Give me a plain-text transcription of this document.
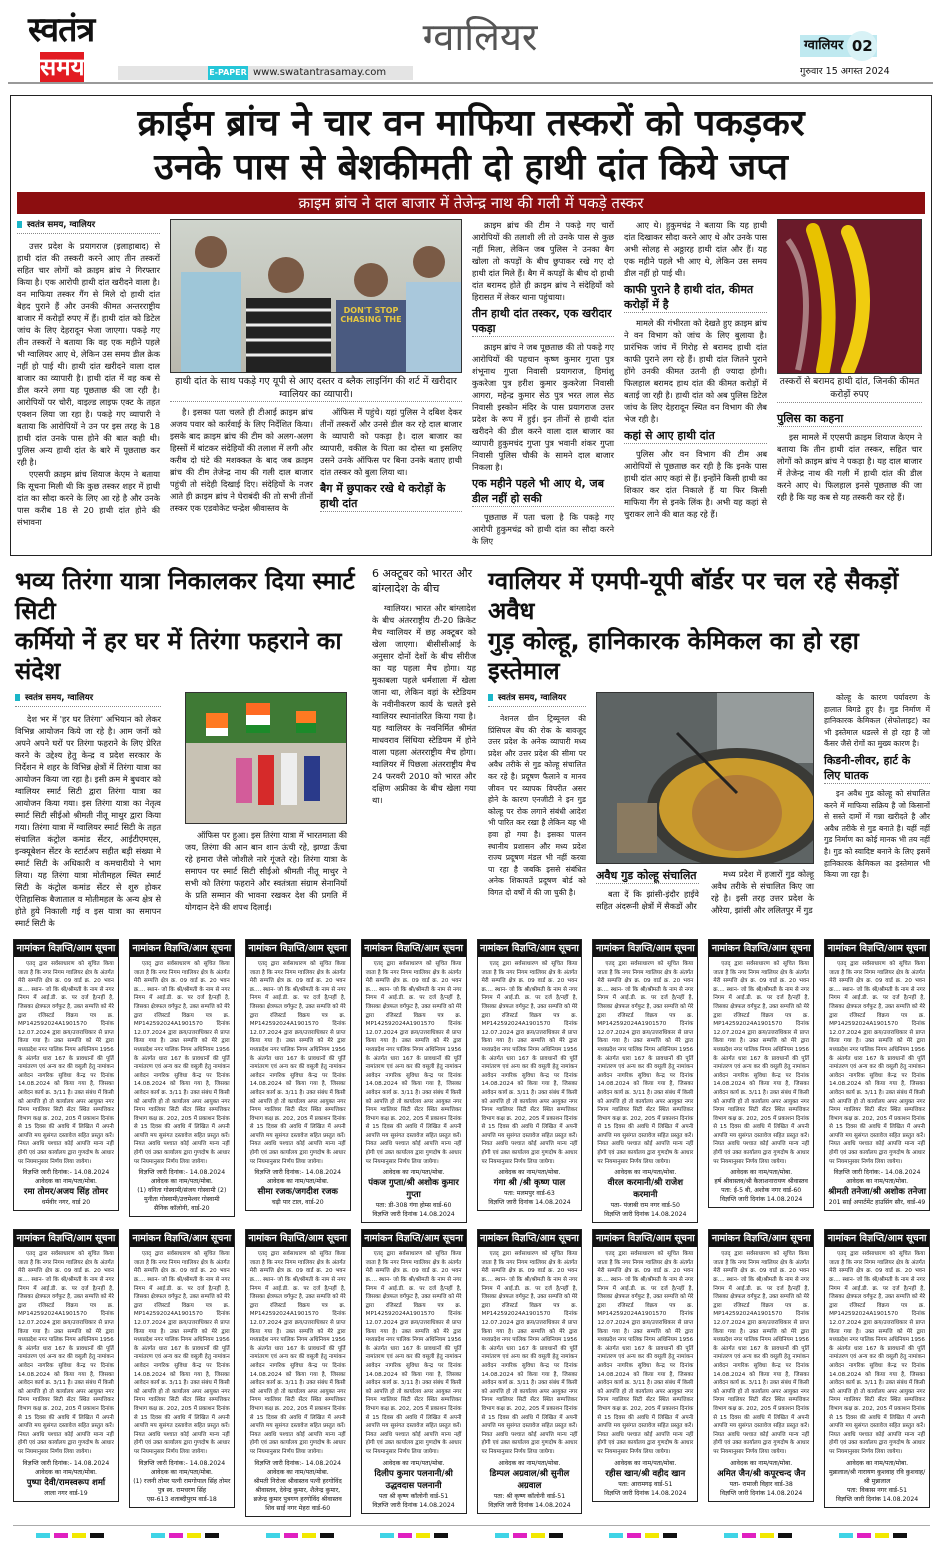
स्वतंत्र
समय
ग्वालियर
E-PAPER www.swatantrasamay.com
ग्वालियर 02
गुरुवार 15 अगस्त 2024
क्राईम ब्रांच ने चार वन माफिया तस्करों को पकड़कर
उनके पास से बेशकीमती दो हाथी दांत किये जप्त
क्राइम ब्रांच ने दाल बाजार में तेजेन्द्र नाथ की गली में पकड़े तस्कर
स्वतंत्र समय, ग्वालियर

उत्तर प्रदेश के प्रयागराज (इलाहाबाद) से हाथी दांत की तस्करी करने आए तीन तस्करों सहित चार लोगों को क्राइम ब्रांच ने गिरफ्तार किया है। एक आरोपी हाथी दांत खरीदने वाला है। वन माफिया तस्कर गैंग से मिले दो हाथी दांत बेहद पुराने हैं और उनकी कीमत अन्तरराष्ट्रीय बाजार में करोड़ों रुपए में हैं। हाथी दांत को डिटेल जांच के लिए देहरादून भेजा जाएगा। पकड़े गए तीन तस्करों ने बताया कि वह एक महीने पहले भी ग्वालियर आए थे, लेकिन उस समय डील क्रेक नहीं हो पाई थी। हाथी दांत खरीदने वाला दाल बाजार का व्यापारी है। हाथी दांत में वह कब से डील करने लगा यह पूछताछ की जा रही है। आरोपियों पर चोरी, वाइल्ड लाइफ एक्ट के तहत एक्शन लिया जा रहा है। पकड़े गए व्यापारी ने बताया कि आरोपियों ने उन पर इस तरह के 18 हाथी दांत उनके पास होने की बात कही थी। पुलिस अन्य हाथी दांत के बारे में पूछताछ कर रही है।

एएसपी क्राइम ब्रांच शियाज केएम ने बताया कि सूचना मिली थी कि कुछ तस्कर शहर में हाथी दांत का सौदा करने के लिए आ रहे है और उनके पास करीब 18 से 20 हाथी दांत होने की संभावना

DON'T STOP CHASING THE
हाथी दांत के साथ पकड़े गए यूपी से आए दस्तर व ब्लैक लाइनिंग की शर्ट में खरीदार ग्वालियर का व्यापारी।

है। इसका पता चलते ही टीआई क्राइम ब्रांच अजय पवार को कार्रवाई के लिए निर्देशित किया। इसके बाद क्राइम ब्रांच की टीम को अलग-अलग हिस्सों में बांटकर संदेहियों की तलाश में लगी और करीब दो घंटे की मशक्कत के बाद जब क्राइम ब्रांच की टीम तेजेन्द्र नाथ की गली दाल बाजार पहुंची तो संदेही दिखाई दिए। संदेहियों के नजर आते ही क्राइम ब्रांच ने घेराबंदी की तो सभी तीनों तस्कर एक एडवोकेट चन्द्रेश श्रीवास्तव के

ऑफिस में पहुंचे। यहां पुलिस ने दबिश देकर तीनों तस्करों और उनसे डील कर रहे दाल बाजार के व्यापारी को पकड़ा है। दाल बाजार का व्यापारी, वकील के पिता का दोस्त था इसलिए उसने उनके ऑफिस पर बिना उनके बताए हाथी दांत तस्कर को बुला लिया था।

बैग में छुपाकर रखे थे करोड़ों के हाथी दांत

क्राइम ब्रांच की टीम ने पकड़े गए चारों आरोपियों की तलाशी ली तो उनके पास से कुछ नहीं मिला, लेकिन जब पुलिस ने उनका बैग खोला तो कपड़ों के बीच छुपाकर रखे गए दो हाथी दांत मिले हैं। बैग में कपड़ों के बीच दो हाथी दांत बरामद होते ही क्राइम ब्रांच ने संदेहियों को हिरासत में लेकर थाना पहुंचाया।

तीन हाथी दांत तस्कर, एक खरीदार पकड़ा

क्राइम ब्रांच ने जब पूछताछ की तो पकड़े गए आरोपियों की पहचान कृष्ण कुमार गुप्ता पुत्र शंभूनाथ गुप्ता निवासी प्रयागराज, हिमांशु कुकरेजा पुत्र हरीश कुमार कुकरेजा निवासी आगरा, महेन्द्र कुमार सेठ पुत्र भरत लाल सेठ निवासी इस्कोन मंदिर के पास प्रयागराज उत्तर प्रदेश के रूप में हुई। इन तीनों से हाथी दांत खरीदने की डील करने वाला दाल बाजार का व्यापारी हुकुमचंद गुप्ता पुत्र भवानी शंकर गुप्ता निवासी पुलिस चौकी के सामने दाल बाजार निकला है।

एक महीने पहले भी आए थे, जब डील नहीं हो सकी

पूछताछ में पता चला है कि पकड़े गए आरोपी हुकुमचंद्र को हाथी दांत का सौदा करने के लिए

आए थे। हुकुमचंद्र ने बताया कि यह हाथी दांत दिखाकर सौदा करने आए थे और उनके पास अभी सोलह से अठ्ठारह हाथी दांत और हैं। यह एक महीने पहले भी आए थे, लेकिन उस समय डील नहीं हो पाई थी।

काफी पुराने है हाथी दांत, कीमत करोड़ों में है

मामले की गंभीरता को देखते हुए क्राइम ब्रांच ने वन विभाग को जांच के लिए बुलाया है। प्रारंभिक जांच में गिरोह से बरामद हाथी दांत काफी पुराने लग रहे हैं। हाथी दांत जितने पुराने होंगे उनकी कीमत उतनी ही ज्यादा होगी। फिलहाल बरामद हाथ दांत की कीमत करोड़ों में बताई जा रही है। हाथी दांत को अब पुलिस डिटेल जांच के लिए देहरादून स्थित वन विभाग की लैब भेज रही है।

कहां से आए हाथी दांत

पुलिस और वन विभाग की टीम अब आरोपियों से पूछताछ कर रही है कि इनके पास हाथी दांत आए कहां से हैं। इन्होंने किसी हाथी का शिकार कर दांत निकाले हैं या फिर किसी माफिया गैंग से इनके लिंक है। अभी यह कहां से चुराकर लाने की बात कह रहे हैं।

तस्करों से बरामद हाथी दांत, जिनकी कीमत करोड़ों रुपए
पुलिस का कहना

इस मामले में एएसपी क्राइम शियाज केएम ने बताया कि तीन हाथी दांत तस्कर, सहित चार लोगों को क्राइम ब्रांच ने पकड़ा है। यह दाल बाजार में तेजेन्द्र नाथ की गली में हाथी दांत की डील करने आए थे। फिलहाल इनसे पूछताछ की जा रही है कि यह कब से यह तस्करी कर रहे हैं।

भव्य तिरंगा यात्रा निकालकर दिया स्मार्ट सिटी
कर्मियो नें हर घर में तिरंगा फहराने का संदेश
स्वतंत्र समय, ग्वालियर

देश भर में 'हर घर तिरंगा' अभियान को लेकर विभिन्न आयोजन किये जा रहे है। आम जनों को अपने अपने घरों पर तिरंगा फहराने के लिए प्रेरित करने के उद्देश्य हेतु केन्द्र व प्रदेश सरकार के निर्देशन मे शहर के विभिन्न क्षेत्रों में तिरंगा यात्रा का आयोजन किया जा रहा है। इसी क्रम मे बुधवार को ग्वालियर स्मार्ट सिटी द्वारा तिरंगा यात्रा का आयोजन किया गया। इस तिरंगा यात्रा का नेतृत्व स्मार्ट सिटी सीईओ श्रीमती नीतू माथुर द्वारा किया गया। तिरंगा यात्रा में ग्वालियर स्मार्ट सिटी के तहत संचालित कंट्रोल कमांड सेंटर, आईटीएमएस, इन्क्यूबेशन सेंटर के स्टार्टअप सहीत बड़ी संख्या मे स्मार्ट सिटी के अधिकारी व कमचारीयो ने भाग लिया। यह तिरंगा यात्रा मोतीमहल स्थित स्मार्ट सिटी के कंट्रोल कमांड सेंटर से शुरु होकर ऐतिहासिक बैजाताल व मोतीमहल के अन्य क्षेत्र से होते हुये निकाली गई व इस यात्रा का समापन स्मार्ट सिटी के

ऑफिस पर हुआ। इस तिरंगा यात्रा में भारतमाता की जय, तिरंगा की आन बान शान ऊंची रहे, झण्डा ऊँचा रहे हमारा जैसे जोशीले नारे गूंजते रहे। तिरंगा यात्रा के समापन पर स्मार्ट सिटी सीईओ श्रीमती नीतू माथुर ने सभी को तिरंगा फहराने और स्वतंत्रता संग्राम सेनानियों के प्रति सम्मान की भावना रखकर देश की प्रगति में योगदान देने की शपथ दिलाई।

6 अक्टूबर को भारत और बांग्लादेश के बीच

ग्वालियर। भारत और बांग्लादेश के बीच अंतरराष्ट्रीय टी-20 क्रिकेट मैच ग्वालियर में छह अक्टूबर को खेला जाएगा। बीसीसीआई के अनुसार दोनों देशों के बीच सीरीज का यह पहला मैच होगा। यह मुकाबला पहले धर्मशाला में खेला जाना था, लेकिन वहां के स्टेडियम के नवीनीकरण कार्य के चलते इसे ग्वालियर स्थानांतरित किया गया है। यह ग्वालियर के नवनिर्मित श्रीमंत माधवराव सिंधिया स्टेडियम में होने वाला पहला अंतरराष्ट्रीय मैच होगा। ग्वालियर में पिछला अंतरराष्ट्रीय मैच 24 फरवरी 2010 को भारत और दक्षिण अफ्रीका के बीच खेला गया था।

ग्वालियर में एमपी-यूपी बॉर्डर पर चल रहे सैकड़ों अवैध
गुड़ कोल्हू, हानिकारक केमिकल का हो रहा इस्तेमाल
स्वतंत्र समय, ग्वालियर

नेशनल ग्रीन ट्रिब्यूनल की प्रिंसिपल बेंच की रोक के बावजूद उत्तर प्रदेश के अनेक व्यापारी मध्य प्रदेश और उत्तर प्रदेश की सीमा पर अवैध तरीके से गुड कोल्हू संचालित कर रहे है। प्रदूषण फैलाने व मानव जीवन पर व्यापक विपरीत असर होने के कारण एनजीटी ने इन गुड कोल्हू पर रोक लगाने संबंधी आदेश भी पारित कर रखा है लेकिन यह भी हवा हो गया है। इसका पालन स्थानीय प्रशासन और मध्य प्रदेश राज्य प्रदूषण मंडल भी नहीं करवा पा रहा है जबकि इससे संबंधित अनेक शिकायतें प्रदूषण बोर्ड को विगत दो वर्षों में की जा चुकी है।

अवैध गुड कोल्हू संचालित

बता दें कि झांसी-इंदौर हाईवे सहित अंदरूनी क्षेत्रों में सैकडों और

मध्य प्रदेश में हजारों गुड कोल्हू अवैध तरीके से संचालित किए जा रहे है। इसी तरह उत्तर प्रदेश के औरेया, झांसी और ललितपुर में गुड

कोल्हू के कारण पर्यावरण के हालात बिगडे हुए है। गुड निर्माण में हानिकारक केमिकल (सेफोलाइट) का भी इस्तेमाल धडल्ले से हो रहा है जो कैंसर जैसे रोगों का मुख्य कारण है।

किडनी-लीवर, हार्ट के लिए घातक

इन अवैध गुड कोल्हू को संचालित करने में माफिया सक्रिय है जो किसानों से सस्ते दामों में गन्ना खरीदते है और अवैध तरीके से गुड बनाते है। यहीं नहीं गुड निर्माण का कोई मानक भी तय नहीं है। गुड को स्वादिष्ट बनाने के लिए इसमें हानिकारक केमिकल का इस्तेमाल भी किया जा रहा है।

नामांकन विज्ञप्ति/आम सूचना

एतद् द्वारा सर्वसाधारण को सूचित किया जाता है कि नगर निगम ग्वालियर क्षेत्र के अंतर्गत मेरी सम्पत्ति क्षेत्र क्र. 09 वार्ड क्र. 20 भवन क्र.... स्थान- जो कि श्री/श्रीमती के नाम से नगर निगम में आई.डी. क्र. पर दर्ज है/नहीं है, जिसका क्षेत्रफल वर्गफुट है, उक्त सम्पत्ति को मेरे द्वारा रजिस्टर्ड विक्रय पत्र क्र. MP142592024A1901570 दिनांक 12.07.2024 द्वारा क्रय/उत्तराधिकार से प्राप्त किया गया है। उक्त सम्पत्ति को मेरे द्वारा मध्यप्रदेश नगर पालिक निगम अधिनियम 1956 के अंतर्गत धारा 167 के प्रावधानों की पूर्ति नामांतरण एवं अन्य कर की वसूली हेतु नामांकन आवेदन नागरिक सुविधा केन्द्र पर दिनांक 14.08.2024 को किया गया है, जिसका आवेदन कार्य क्र. 3/11 है। उक्त संबंध में किसी को आपत्ति हो तो कार्यालय अपर आयुक्त नगर निगम ग्वालियर सिटी सेंटर स्थित सम्पत्तिकर विभाग कक्ष क्र. 202, 205 में प्रकाशन दिनांक से 15 दिवस की अवधि में लिखित में अपनी आपत्ति मय सुसंगत दस्तावेज सहित प्रस्तुत करें। नियत अवधि पश्चात कोई आपत्ति मान्य नहीं होगी एवं उक्त कार्यालय द्वारा गुणदोष के आधार पर नियमानुसार निर्णय लिया जायेगा।

विज्ञप्ति जारी दिनांक:- 14.08.2024
आवेदक का नाम/पता/मोबा.
रमा तोमर/अजय सिंह तोमर
धर्मवीर नगर, वार्ड 20
नामांकन विज्ञप्ति/आम सूचना

एतद् द्वारा सर्वसाधारण को सूचित किया जाता है कि नगर निगम ग्वालियर क्षेत्र के अंतर्गत मेरी सम्पत्ति क्षेत्र क्र. 09 वार्ड क्र. 20 भवन क्र.... स्थान- जो कि श्री/श्रीमती के नाम से नगर निगम में आई.डी. क्र. पर दर्ज है/नहीं है, जिसका क्षेत्रफल वर्गफुट है, उक्त सम्पत्ति को मेरे द्वारा रजिस्टर्ड विक्रय पत्र क्र. MP142592024A1901570 दिनांक 12.07.2024 द्वारा क्रय/उत्तराधिकार से प्राप्त किया गया है। उक्त सम्पत्ति को मेरे द्वारा मध्यप्रदेश नगर पालिक निगम अधिनियम 1956 के अंतर्गत धारा 167 के प्रावधानों की पूर्ति नामांतरण एवं अन्य कर की वसूली हेतु नामांकन आवेदन नागरिक सुविधा केन्द्र पर दिनांक 14.08.2024 को किया गया है, जिसका आवेदन कार्य क्र. 3/11 है। उक्त संबंध में किसी को आपत्ति हो तो कार्यालय अपर आयुक्त नगर निगम ग्वालियर सिटी सेंटर स्थित सम्पत्तिकर विभाग कक्ष क्र. 202, 205 में प्रकाशन दिनांक से 15 दिवस की अवधि में लिखित में अपनी आपत्ति मय सुसंगत दस्तावेज सहित प्रस्तुत करें। नियत अवधि पश्चात कोई आपत्ति मान्य नहीं होगी एवं उक्त कार्यालय द्वारा गुणदोष के आधार पर नियमानुसार निर्णय लिया जायेगा।

विज्ञप्ति जारी दिनांक:- 14.08.2024
आवेदक का नाम/पता/मोबा.
(1) वनिता गोस्वामी/संजय गोस्वामी (2) मुनीता गोस्वामी/उत्तमेश्वर गोस्वामी
सैनिक कॉलोनी, वार्ड-20
नामांकन विज्ञप्ति/आम सूचना

एतद् द्वारा सर्वसाधारण को सूचित किया जाता है कि नगर निगम ग्वालियर क्षेत्र के अंतर्गत मेरी सम्पत्ति क्षेत्र क्र. 09 वार्ड क्र. 20 भवन क्र.... स्थान- जो कि श्री/श्रीमती के नाम से नगर निगम में आई.डी. क्र. पर दर्ज है/नहीं है, जिसका क्षेत्रफल वर्गफुट है, उक्त सम्पत्ति को मेरे द्वारा रजिस्टर्ड विक्रय पत्र क्र. MP142592024A1901570 दिनांक 12.07.2024 द्वारा क्रय/उत्तराधिकार से प्राप्त किया गया है। उक्त सम्पत्ति को मेरे द्वारा मध्यप्रदेश नगर पालिक निगम अधिनियम 1956 के अंतर्गत धारा 167 के प्रावधानों की पूर्ति नामांतरण एवं अन्य कर की वसूली हेतु नामांकन आवेदन नागरिक सुविधा केन्द्र पर दिनांक 14.08.2024 को किया गया है, जिसका आवेदन कार्य क्र. 3/11 है। उक्त संबंध में किसी को आपत्ति हो तो कार्यालय अपर आयुक्त नगर निगम ग्वालियर सिटी सेंटर स्थित सम्पत्तिकर विभाग कक्ष क्र. 202, 205 में प्रकाशन दिनांक से 15 दिवस की अवधि में लिखित में अपनी आपत्ति मय सुसंगत दस्तावेज सहित प्रस्तुत करें। नियत अवधि पश्चात कोई आपत्ति मान्य नहीं होगी एवं उक्त कार्यालय द्वारा गुणदोष के आधार पर नियमानुसार निर्णय लिया जायेगा।

विज्ञप्ति जारी दिनांक:- 14.08.2024
आवेदक का नाम/पता/मोबा.
सीमा रजक/जगदीश रजक
चढ़ी पार टाल, वार्ड-20
नामांकन विज्ञप्ति/आम सूचना

एतद् द्वारा सर्वसाधारण को सूचित किया जाता है कि नगर निगम ग्वालियर क्षेत्र के अंतर्गत मेरी सम्पत्ति क्षेत्र क्र. 09 वार्ड क्र. 20 भवन क्र.... स्थान- जो कि श्री/श्रीमती के नाम से नगर निगम में आई.डी. क्र. पर दर्ज है/नहीं है, जिसका क्षेत्रफल वर्गफुट है, उक्त सम्पत्ति को मेरे द्वारा रजिस्टर्ड विक्रय पत्र क्र. MP142592024A1901570 दिनांक 12.07.2024 द्वारा क्रय/उत्तराधिकार से प्राप्त किया गया है। उक्त सम्पत्ति को मेरे द्वारा मध्यप्रदेश नगर पालिक निगम अधिनियम 1956 के अंतर्गत धारा 167 के प्रावधानों की पूर्ति नामांतरण एवं अन्य कर की वसूली हेतु नामांकन आवेदन नागरिक सुविधा केन्द्र पर दिनांक 14.08.2024 को किया गया है, जिसका आवेदन कार्य क्र. 3/11 है। उक्त संबंध में किसी को आपत्ति हो तो कार्यालय अपर आयुक्त नगर निगम ग्वालियर सिटी सेंटर स्थित सम्पत्तिकर विभाग कक्ष क्र. 202, 205 में प्रकाशन दिनांक से 15 दिवस की अवधि में लिखित में अपनी आपत्ति मय सुसंगत दस्तावेज सहित प्रस्तुत करें। नियत अवधि पश्चात कोई आपत्ति मान्य नहीं होगी एवं उक्त कार्यालय द्वारा गुणदोष के आधार पर नियमानुसार निर्णय लिया जायेगा।

आवेदक का नाम/पता/मोबा.
पंकज गुप्ता/श्री अशोक कुमार गुप्ता
पता: डी-308 गंगा होम्स वार्ड-60
विज्ञप्ति जारी दिनांक 14.08.2024
नामांकन विज्ञप्ति/आम सूचना

एतद् द्वारा सर्वसाधारण को सूचित किया जाता है कि नगर निगम ग्वालियर क्षेत्र के अंतर्गत मेरी सम्पत्ति क्षेत्र क्र. 09 वार्ड क्र. 20 भवन क्र.... स्थान- जो कि श्री/श्रीमती के नाम से नगर निगम में आई.डी. क्र. पर दर्ज है/नहीं है, जिसका क्षेत्रफल वर्गफुट है, उक्त सम्पत्ति को मेरे द्वारा रजिस्टर्ड विक्रय पत्र क्र. MP142592024A1901570 दिनांक 12.07.2024 द्वारा क्रय/उत्तराधिकार से प्राप्त किया गया है। उक्त सम्पत्ति को मेरे द्वारा मध्यप्रदेश नगर पालिक निगम अधिनियम 1956 के अंतर्गत धारा 167 के प्रावधानों की पूर्ति नामांतरण एवं अन्य कर की वसूली हेतु नामांकन आवेदन नागरिक सुविधा केन्द्र पर दिनांक 14.08.2024 को किया गया है, जिसका आवेदन कार्य क्र. 3/11 है। उक्त संबंध में किसी को आपत्ति हो तो कार्यालय अपर आयुक्त नगर निगम ग्वालियर सिटी सेंटर स्थित सम्पत्तिकर विभाग कक्ष क्र. 202, 205 में प्रकाशन दिनांक से 15 दिवस की अवधि में लिखित में अपनी आपत्ति मय सुसंगत दस्तावेज सहित प्रस्तुत करें। नियत अवधि पश्चात कोई आपत्ति मान्य नहीं होगी एवं उक्त कार्यालय द्वारा गुणदोष के आधार पर नियमानुसार निर्णय लिया जायेगा।

आवेदक का नाम/पता/मोबा.
गंगा श्री /श्री कृष्ण पाल
पता: मलमपुर वार्ड-63
विज्ञप्ति जारी दिनांक 14.08.2024
नामांकन विज्ञप्ति/आम सूचना

एतद् द्वारा सर्वसाधारण को सूचित किया जाता है कि नगर निगम ग्वालियर क्षेत्र के अंतर्गत मेरी सम्पत्ति क्षेत्र क्र. 09 वार्ड क्र. 20 भवन क्र.... स्थान- जो कि श्री/श्रीमती के नाम से नगर निगम में आई.डी. क्र. पर दर्ज है/नहीं है, जिसका क्षेत्रफल वर्गफुट है, उक्त सम्पत्ति को मेरे द्वारा रजिस्टर्ड विक्रय पत्र क्र. MP142592024A1901570 दिनांक 12.07.2024 द्वारा क्रय/उत्तराधिकार से प्राप्त किया गया है। उक्त सम्पत्ति को मेरे द्वारा मध्यप्रदेश नगर पालिक निगम अधिनियम 1956 के अंतर्गत धारा 167 के प्रावधानों की पूर्ति नामांतरण एवं अन्य कर की वसूली हेतु नामांकन आवेदन नागरिक सुविधा केन्द्र पर दिनांक 14.08.2024 को किया गया है, जिसका आवेदन कार्य क्र. 3/11 है। उक्त संबंध में किसी को आपत्ति हो तो कार्यालय अपर आयुक्त नगर निगम ग्वालियर सिटी सेंटर स्थित सम्पत्तिकर विभाग कक्ष क्र. 202, 205 में प्रकाशन दिनांक से 15 दिवस की अवधि में लिखित में अपनी आपत्ति मय सुसंगत दस्तावेज सहित प्रस्तुत करें। नियत अवधि पश्चात कोई आपत्ति मान्य नहीं होगी एवं उक्त कार्यालय द्वारा गुणदोष के आधार पर नियमानुसार निर्णय लिया जायेगा।

आवेदक का नाम/पता/मोबा.
वीरल करमानी/श्री राजेश करमानी
पता- पंजाबी राम नगर वार्ड-50
विज्ञप्ति जारी दिनांक 14.08.2024
नामांकन विज्ञप्ति/आम सूचना

एतद् द्वारा सर्वसाधारण को सूचित किया जाता है कि नगर निगम ग्वालियर क्षेत्र के अंतर्गत मेरी सम्पत्ति क्षेत्र क्र. 09 वार्ड क्र. 20 भवन क्र.... स्थान- जो कि श्री/श्रीमती के नाम से नगर निगम में आई.डी. क्र. पर दर्ज है/नहीं है, जिसका क्षेत्रफल वर्गफुट है, उक्त सम्पत्ति को मेरे द्वारा रजिस्टर्ड विक्रय पत्र क्र. MP142592024A1901570 दिनांक 12.07.2024 द्वारा क्रय/उत्तराधिकार से प्राप्त किया गया है। उक्त सम्पत्ति को मेरे द्वारा मध्यप्रदेश नगर पालिक निगम अधिनियम 1956 के अंतर्गत धारा 167 के प्रावधानों की पूर्ति नामांतरण एवं अन्य कर की वसूली हेतु नामांकन आवेदन नागरिक सुविधा केन्द्र पर दिनांक 14.08.2024 को किया गया है, जिसका आवेदन कार्य क्र. 3/11 है। उक्त संबंध में किसी को आपत्ति हो तो कार्यालय अपर आयुक्त नगर निगम ग्वालियर सिटी सेंटर स्थित सम्पत्तिकर विभाग कक्ष क्र. 202, 205 में प्रकाशन दिनांक से 15 दिवस की अवधि में लिखित में अपनी आपत्ति मय सुसंगत दस्तावेज सहित प्रस्तुत करें। नियत अवधि पश्चात कोई आपत्ति मान्य नहीं होगी एवं उक्त कार्यालय द्वारा गुणदोष के आधार पर नियमानुसार निर्णय लिया जायेगा।

आवेदक का नाम/पता/मोबा.
हर्ष श्रीवास्तव/श्री कैलाशनारायण श्रीवास्तव
पता: ई-5 बी, अशोक नगर वार्ड-60
विज्ञप्ति जारी दिनांक 14.08.2024
नामांकन विज्ञप्ति/आम सूचना

एतद् द्वारा सर्वसाधारण को सूचित किया जाता है कि नगर निगम ग्वालियर क्षेत्र के अंतर्गत मेरी सम्पत्ति क्षेत्र क्र. 09 वार्ड क्र. 20 भवन क्र.... स्थान- जो कि श्री/श्रीमती के नाम से नगर निगम में आई.डी. क्र. पर दर्ज है/नहीं है, जिसका क्षेत्रफल वर्गफुट है, उक्त सम्पत्ति को मेरे द्वारा रजिस्टर्ड विक्रय पत्र क्र. MP142592024A1901570 दिनांक 12.07.2024 द्वारा क्रय/उत्तराधिकार से प्राप्त किया गया है। उक्त सम्पत्ति को मेरे द्वारा मध्यप्रदेश नगर पालिक निगम अधिनियम 1956 के अंतर्गत धारा 167 के प्रावधानों की पूर्ति नामांतरण एवं अन्य कर की वसूली हेतु नामांकन आवेदन नागरिक सुविधा केन्द्र पर दिनांक 14.08.2024 को किया गया है, जिसका आवेदन कार्य क्र. 3/11 है। उक्त संबंध में किसी को आपत्ति हो तो कार्यालय अपर आयुक्त नगर निगम ग्वालियर सिटी सेंटर स्थित सम्पत्तिकर विभाग कक्ष क्र. 202, 205 में प्रकाशन दिनांक से 15 दिवस की अवधि में लिखित में अपनी आपत्ति मय सुसंगत दस्तावेज सहित प्रस्तुत करें। नियत अवधि पश्चात कोई आपत्ति मान्य नहीं होगी एवं उक्त कार्यालय द्वारा गुणदोष के आधार पर नियमानुसार निर्णय लिया जायेगा।

विज्ञप्ति जारी दिनांक:- 14.08.2024
आवेदक का नाम/पता/मोबा.
श्रीमती तनेजा/श्री अशोक तनेजा
201 साईं अपार्टमेंट हाउसिंग सौर, वार्ड-49
नामांकन विज्ञप्ति/आम सूचना

एतद् द्वारा सर्वसाधारण को सूचित किया जाता है कि नगर निगम ग्वालियर क्षेत्र के अंतर्गत मेरी सम्पत्ति क्षेत्र क्र. 09 वार्ड क्र. 20 भवन क्र.... स्थान- जो कि श्री/श्रीमती के नाम से नगर निगम में आई.डी. क्र. पर दर्ज है/नहीं है, जिसका क्षेत्रफल वर्गफुट है, उक्त सम्पत्ति को मेरे द्वारा रजिस्टर्ड विक्रय पत्र क्र. MP142592024A1901570 दिनांक 12.07.2024 द्वारा क्रय/उत्तराधिकार से प्राप्त किया गया है। उक्त सम्पत्ति को मेरे द्वारा मध्यप्रदेश नगर पालिक निगम अधिनियम 1956 के अंतर्गत धारा 167 के प्रावधानों की पूर्ति नामांतरण एवं अन्य कर की वसूली हेतु नामांकन आवेदन नागरिक सुविधा केन्द्र पर दिनांक 14.08.2024 को किया गया है, जिसका आवेदन कार्य क्र. 3/11 है। उक्त संबंध में किसी को आपत्ति हो तो कार्यालय अपर आयुक्त नगर निगम ग्वालियर सिटी सेंटर स्थित सम्पत्तिकर विभाग कक्ष क्र. 202, 205 में प्रकाशन दिनांक से 15 दिवस की अवधि में लिखित में अपनी आपत्ति मय सुसंगत दस्तावेज सहित प्रस्तुत करें। नियत अवधि पश्चात कोई आपत्ति मान्य नहीं होगी एवं उक्त कार्यालय द्वारा गुणदोष के आधार पर नियमानुसार निर्णय लिया जायेगा।

विज्ञप्ति जारी दिनांक:- 14.08.2024
आवेदक का नाम/पता/मोबा.
पुष्पा देवी/रामस्वरूप शर्मा
लाला नगर वार्ड-19
नामांकन विज्ञप्ति/आम सूचना

एतद् द्वारा सर्वसाधारण को सूचित किया जाता है कि नगर निगम ग्वालियर क्षेत्र के अंतर्गत मेरी सम्पत्ति क्षेत्र क्र. 09 वार्ड क्र. 20 भवन क्र.... स्थान- जो कि श्री/श्रीमती के नाम से नगर निगम में आई.डी. क्र. पर दर्ज है/नहीं है, जिसका क्षेत्रफल वर्गफुट है, उक्त सम्पत्ति को मेरे द्वारा रजिस्टर्ड विक्रय पत्र क्र. MP142592024A1901570 दिनांक 12.07.2024 द्वारा क्रय/उत्तराधिकार से प्राप्त किया गया है। उक्त सम्पत्ति को मेरे द्वारा मध्यप्रदेश नगर पालिक निगम अधिनियम 1956 के अंतर्गत धारा 167 के प्रावधानों की पूर्ति नामांतरण एवं अन्य कर की वसूली हेतु नामांकन आवेदन नागरिक सुविधा केन्द्र पर दिनांक 14.08.2024 को किया गया है, जिसका आवेदन कार्य क्र. 3/11 है। उक्त संबंध में किसी को आपत्ति हो तो कार्यालय अपर आयुक्त नगर निगम ग्वालियर सिटी सेंटर स्थित सम्पत्तिकर विभाग कक्ष क्र. 202, 205 में प्रकाशन दिनांक से 15 दिवस की अवधि में लिखित में अपनी आपत्ति मय सुसंगत दस्तावेज सहित प्रस्तुत करें। नियत अवधि पश्चात कोई आपत्ति मान्य नहीं होगी एवं उक्त कार्यालय द्वारा गुणदोष के आधार पर नियमानुसार निर्णय लिया जायेगा।

विज्ञप्ति जारी दिनांक:- 14.08.2024
आवेदक का नाम/पता/मोबा.
(1) रजनी तोमर पत्नी रामगोपाल सिंह तोमर पुत्र स्व. रामचरण सिंह
एस-613 शताब्दीपुरम वार्ड-18
नामांकन विज्ञप्ति/आम सूचना

एतद् द्वारा सर्वसाधारण को सूचित किया जाता है कि नगर निगम ग्वालियर क्षेत्र के अंतर्गत मेरी सम्पत्ति क्षेत्र क्र. 09 वार्ड क्र. 20 भवन क्र.... स्थान- जो कि श्री/श्रीमती के नाम से नगर निगम में आई.डी. क्र. पर दर्ज है/नहीं है, जिसका क्षेत्रफल वर्गफुट है, उक्त सम्पत्ति को मेरे द्वारा रजिस्टर्ड विक्रय पत्र क्र. MP142592024A1901570 दिनांक 12.07.2024 द्वारा क्रय/उत्तराधिकार से प्राप्त किया गया है। उक्त सम्पत्ति को मेरे द्वारा मध्यप्रदेश नगर पालिक निगम अधिनियम 1956 के अंतर्गत धारा 167 के प्रावधानों की पूर्ति नामांतरण एवं अन्य कर की वसूली हेतु नामांकन आवेदन नागरिक सुविधा केन्द्र पर दिनांक 14.08.2024 को किया गया है, जिसका आवेदन कार्य क्र. 3/11 है। उक्त संबंध में किसी को आपत्ति हो तो कार्यालय अपर आयुक्त नगर निगम ग्वालियर सिटी सेंटर स्थित सम्पत्तिकर विभाग कक्ष क्र. 202, 205 में प्रकाशन दिनांक से 15 दिवस की अवधि में लिखित में अपनी आपत्ति मय सुसंगत दस्तावेज सहित प्रस्तुत करें। नियत अवधि पश्चात कोई आपत्ति मान्य नहीं होगी एवं उक्त कार्यालय द्वारा गुणदोष के आधार पर नियमानुसार निर्णय लिया जायेगा।

विज्ञप्ति जारी दिनांक:- 14.08.2024
आवेदक का नाम/पता/मोबा.
श्रीमती निरोजा श्रीवास्तव पत्नी हरगोविंद श्रीवास्तव, देवेन्द्र कुमार, शैलेन्द्र कुमार, ब्रजेन्द्र कुमार पुत्रगण हरगोविंद श्रीवास्तव
शिव साईं नगर मेहरा वार्ड-60
नामांकन विज्ञप्ति/आम सूचना

एतद् द्वारा सर्वसाधारण को सूचित किया जाता है कि नगर निगम ग्वालियर क्षेत्र के अंतर्गत मेरी सम्पत्ति क्षेत्र क्र. 09 वार्ड क्र. 20 भवन क्र.... स्थान- जो कि श्री/श्रीमती के नाम से नगर निगम में आई.डी. क्र. पर दर्ज है/नहीं है, जिसका क्षेत्रफल वर्गफुट है, उक्त सम्पत्ति को मेरे द्वारा रजिस्टर्ड विक्रय पत्र क्र. MP142592024A1901570 दिनांक 12.07.2024 द्वारा क्रय/उत्तराधिकार से प्राप्त किया गया है। उक्त सम्पत्ति को मेरे द्वारा मध्यप्रदेश नगर पालिक निगम अधिनियम 1956 के अंतर्गत धारा 167 के प्रावधानों की पूर्ति नामांतरण एवं अन्य कर की वसूली हेतु नामांकन आवेदन नागरिक सुविधा केन्द्र पर दिनांक 14.08.2024 को किया गया है, जिसका आवेदन कार्य क्र. 3/11 है। उक्त संबंध में किसी को आपत्ति हो तो कार्यालय अपर आयुक्त नगर निगम ग्वालियर सिटी सेंटर स्थित सम्पत्तिकर विभाग कक्ष क्र. 202, 205 में प्रकाशन दिनांक से 15 दिवस की अवधि में लिखित में अपनी आपत्ति मय सुसंगत दस्तावेज सहित प्रस्तुत करें। नियत अवधि पश्चात कोई आपत्ति मान्य नहीं होगी एवं उक्त कार्यालय द्वारा गुणदोष के आधार पर नियमानुसार निर्णय लिया जायेगा।

आवेदक का नाम/पता/मोबा.
दिलीप कुमार पलनानी/श्री उद्धवदास पलनानी
पता श्री कृष्ण कॉलोनी वार्ड-51
विज्ञप्ति जारी दिनांक 14.08.2024
नामांकन विज्ञप्ति/आम सूचना

एतद् द्वारा सर्वसाधारण को सूचित किया जाता है कि नगर निगम ग्वालियर क्षेत्र के अंतर्गत मेरी सम्पत्ति क्षेत्र क्र. 09 वार्ड क्र. 20 भवन क्र.... स्थान- जो कि श्री/श्रीमती के नाम से नगर निगम में आई.डी. क्र. पर दर्ज है/नहीं है, जिसका क्षेत्रफल वर्गफुट है, उक्त सम्पत्ति को मेरे द्वारा रजिस्टर्ड विक्रय पत्र क्र. MP142592024A1901570 दिनांक 12.07.2024 द्वारा क्रय/उत्तराधिकार से प्राप्त किया गया है। उक्त सम्पत्ति को मेरे द्वारा मध्यप्रदेश नगर पालिक निगम अधिनियम 1956 के अंतर्गत धारा 167 के प्रावधानों की पूर्ति नामांतरण एवं अन्य कर की वसूली हेतु नामांकन आवेदन नागरिक सुविधा केन्द्र पर दिनांक 14.08.2024 को किया गया है, जिसका आवेदन कार्य क्र. 3/11 है। उक्त संबंध में किसी को आपत्ति हो तो कार्यालय अपर आयुक्त नगर निगम ग्वालियर सिटी सेंटर स्थित सम्पत्तिकर विभाग कक्ष क्र. 202, 205 में प्रकाशन दिनांक से 15 दिवस की अवधि में लिखित में अपनी आपत्ति मय सुसंगत दस्तावेज सहित प्रस्तुत करें। नियत अवधि पश्चात कोई आपत्ति मान्य नहीं होगी एवं उक्त कार्यालय द्वारा गुणदोष के आधार पर नियमानुसार निर्णय लिया जायेगा।

आवेदक का नाम/पता/मोबा.
डिम्पल अग्रवाल/श्री सुनील अग्रवाल
पता: श्री कृष्ण कॉलोनी वार्ड-51
विज्ञप्ति जारी दिनांक 14.08.2024
नामांकन विज्ञप्ति/आम सूचना

एतद् द्वारा सर्वसाधारण को सूचित किया जाता है कि नगर निगम ग्वालियर क्षेत्र के अंतर्गत मेरी सम्पत्ति क्षेत्र क्र. 09 वार्ड क्र. 20 भवन क्र.... स्थान- जो कि श्री/श्रीमती के नाम से नगर निगम में आई.डी. क्र. पर दर्ज है/नहीं है, जिसका क्षेत्रफल वर्गफुट है, उक्त सम्पत्ति को मेरे द्वारा रजिस्टर्ड विक्रय पत्र क्र. MP142592024A1901570 दिनांक 12.07.2024 द्वारा क्रय/उत्तराधिकार से प्राप्त किया गया है। उक्त सम्पत्ति को मेरे द्वारा मध्यप्रदेश नगर पालिक निगम अधिनियम 1956 के अंतर्गत धारा 167 के प्रावधानों की पूर्ति नामांतरण एवं अन्य कर की वसूली हेतु नामांकन आवेदन नागरिक सुविधा केन्द्र पर दिनांक 14.08.2024 को किया गया है, जिसका आवेदन कार्य क्र. 3/11 है। उक्त संबंध में किसी को आपत्ति हो तो कार्यालय अपर आयुक्त नगर निगम ग्वालियर सिटी सेंटर स्थित सम्पत्तिकर विभाग कक्ष क्र. 202, 205 में प्रकाशन दिनांक से 15 दिवस की अवधि में लिखित में अपनी आपत्ति मय सुसंगत दस्तावेज सहित प्रस्तुत करें। नियत अवधि पश्चात कोई आपत्ति मान्य नहीं होगी एवं उक्त कार्यालय द्वारा गुणदोष के आधार पर नियमानुसार निर्णय लिया जायेगा।

आवेदक का नाम/पता/मोबा.
रहीस खान/श्री वहीद खान
पता: आरामगढ़ वार्ड-51
विज्ञप्ति जारी दिनांक 14.08.2024
नामांकन विज्ञप्ति/आम सूचना

एतद् द्वारा सर्वसाधारण को सूचित किया जाता है कि नगर निगम ग्वालियर क्षेत्र के अंतर्गत मेरी सम्पत्ति क्षेत्र क्र. 09 वार्ड क्र. 20 भवन क्र.... स्थान- जो कि श्री/श्रीमती के नाम से नगर निगम में आई.डी. क्र. पर दर्ज है/नहीं है, जिसका क्षेत्रफल वर्गफुट है, उक्त सम्पत्ति को मेरे द्वारा रजिस्टर्ड विक्रय पत्र क्र. MP142592024A1901570 दिनांक 12.07.2024 द्वारा क्रय/उत्तराधिकार से प्राप्त किया गया है। उक्त सम्पत्ति को मेरे द्वारा मध्यप्रदेश नगर पालिक निगम अधिनियम 1956 के अंतर्गत धारा 167 के प्रावधानों की पूर्ति नामांतरण एवं अन्य कर की वसूली हेतु नामांकन आवेदन नागरिक सुविधा केन्द्र पर दिनांक 14.08.2024 को किया गया है, जिसका आवेदन कार्य क्र. 3/11 है। उक्त संबंध में किसी को आपत्ति हो तो कार्यालय अपर आयुक्त नगर निगम ग्वालियर सिटी सेंटर स्थित सम्पत्तिकर विभाग कक्ष क्र. 202, 205 में प्रकाशन दिनांक से 15 दिवस की अवधि में लिखित में अपनी आपत्ति मय सुसंगत दस्तावेज सहित प्रस्तुत करें। नियत अवधि पश्चात कोई आपत्ति मान्य नहीं होगी एवं उक्त कार्यालय द्वारा गुणदोष के आधार पर नियमानुसार निर्णय लिया जायेगा।

आवेदक का नाम/पता/मोबा.
अमित जैन/श्री कपूरचन्द जैन
पता- रामाजी विहार वार्ड-38
विज्ञप्ति जारी दिनांक 14.08.2024
नामांकन विज्ञप्ति/आम सूचना

एतद् द्वारा सर्वसाधारण को सूचित किया जाता है कि नगर निगम ग्वालियर क्षेत्र के अंतर्गत मेरी सम्पत्ति क्षेत्र क्र. 09 वार्ड क्र. 20 भवन क्र.... स्थान- जो कि श्री/श्रीमती के नाम से नगर निगम में आई.डी. क्र. पर दर्ज है/नहीं है, जिसका क्षेत्रफल वर्गफुट है, उक्त सम्पत्ति को मेरे द्वारा रजिस्टर्ड विक्रय पत्र क्र. MP142592024A1901570 दिनांक 12.07.2024 द्वारा क्रय/उत्तराधिकार से प्राप्त किया गया है। उक्त सम्पत्ति को मेरे द्वारा मध्यप्रदेश नगर पालिक निगम अधिनियम 1956 के अंतर्गत धारा 167 के प्रावधानों की पूर्ति नामांतरण एवं अन्य कर की वसूली हेतु नामांकन आवेदन नागरिक सुविधा केन्द्र पर दिनांक 14.08.2024 को किया गया है, जिसका आवेदन कार्य क्र. 3/11 है। उक्त संबंध में किसी को आपत्ति हो तो कार्यालय अपर आयुक्त नगर निगम ग्वालियर सिटी सेंटर स्थित सम्पत्तिकर विभाग कक्ष क्र. 202, 205 में प्रकाशन दिनांक से 15 दिवस की अवधि में लिखित में अपनी आपत्ति मय सुसंगत दस्तावेज सहित प्रस्तुत करें। नियत अवधि पश्चात कोई आपत्ति मान्य नहीं होगी एवं उक्त कार्यालय द्वारा गुणदोष के आधार पर नियमानुसार निर्णय लिया जायेगा।

आवेदक का नाम/पता/मोबा.
मुन्नालाल/श्री नारायण कुशवाह रवि कुशवाह/श्री मुन्नालाल
पता: विकास नगर वार्ड-51
विज्ञप्ति जारी दिनांक 14.08.2024
